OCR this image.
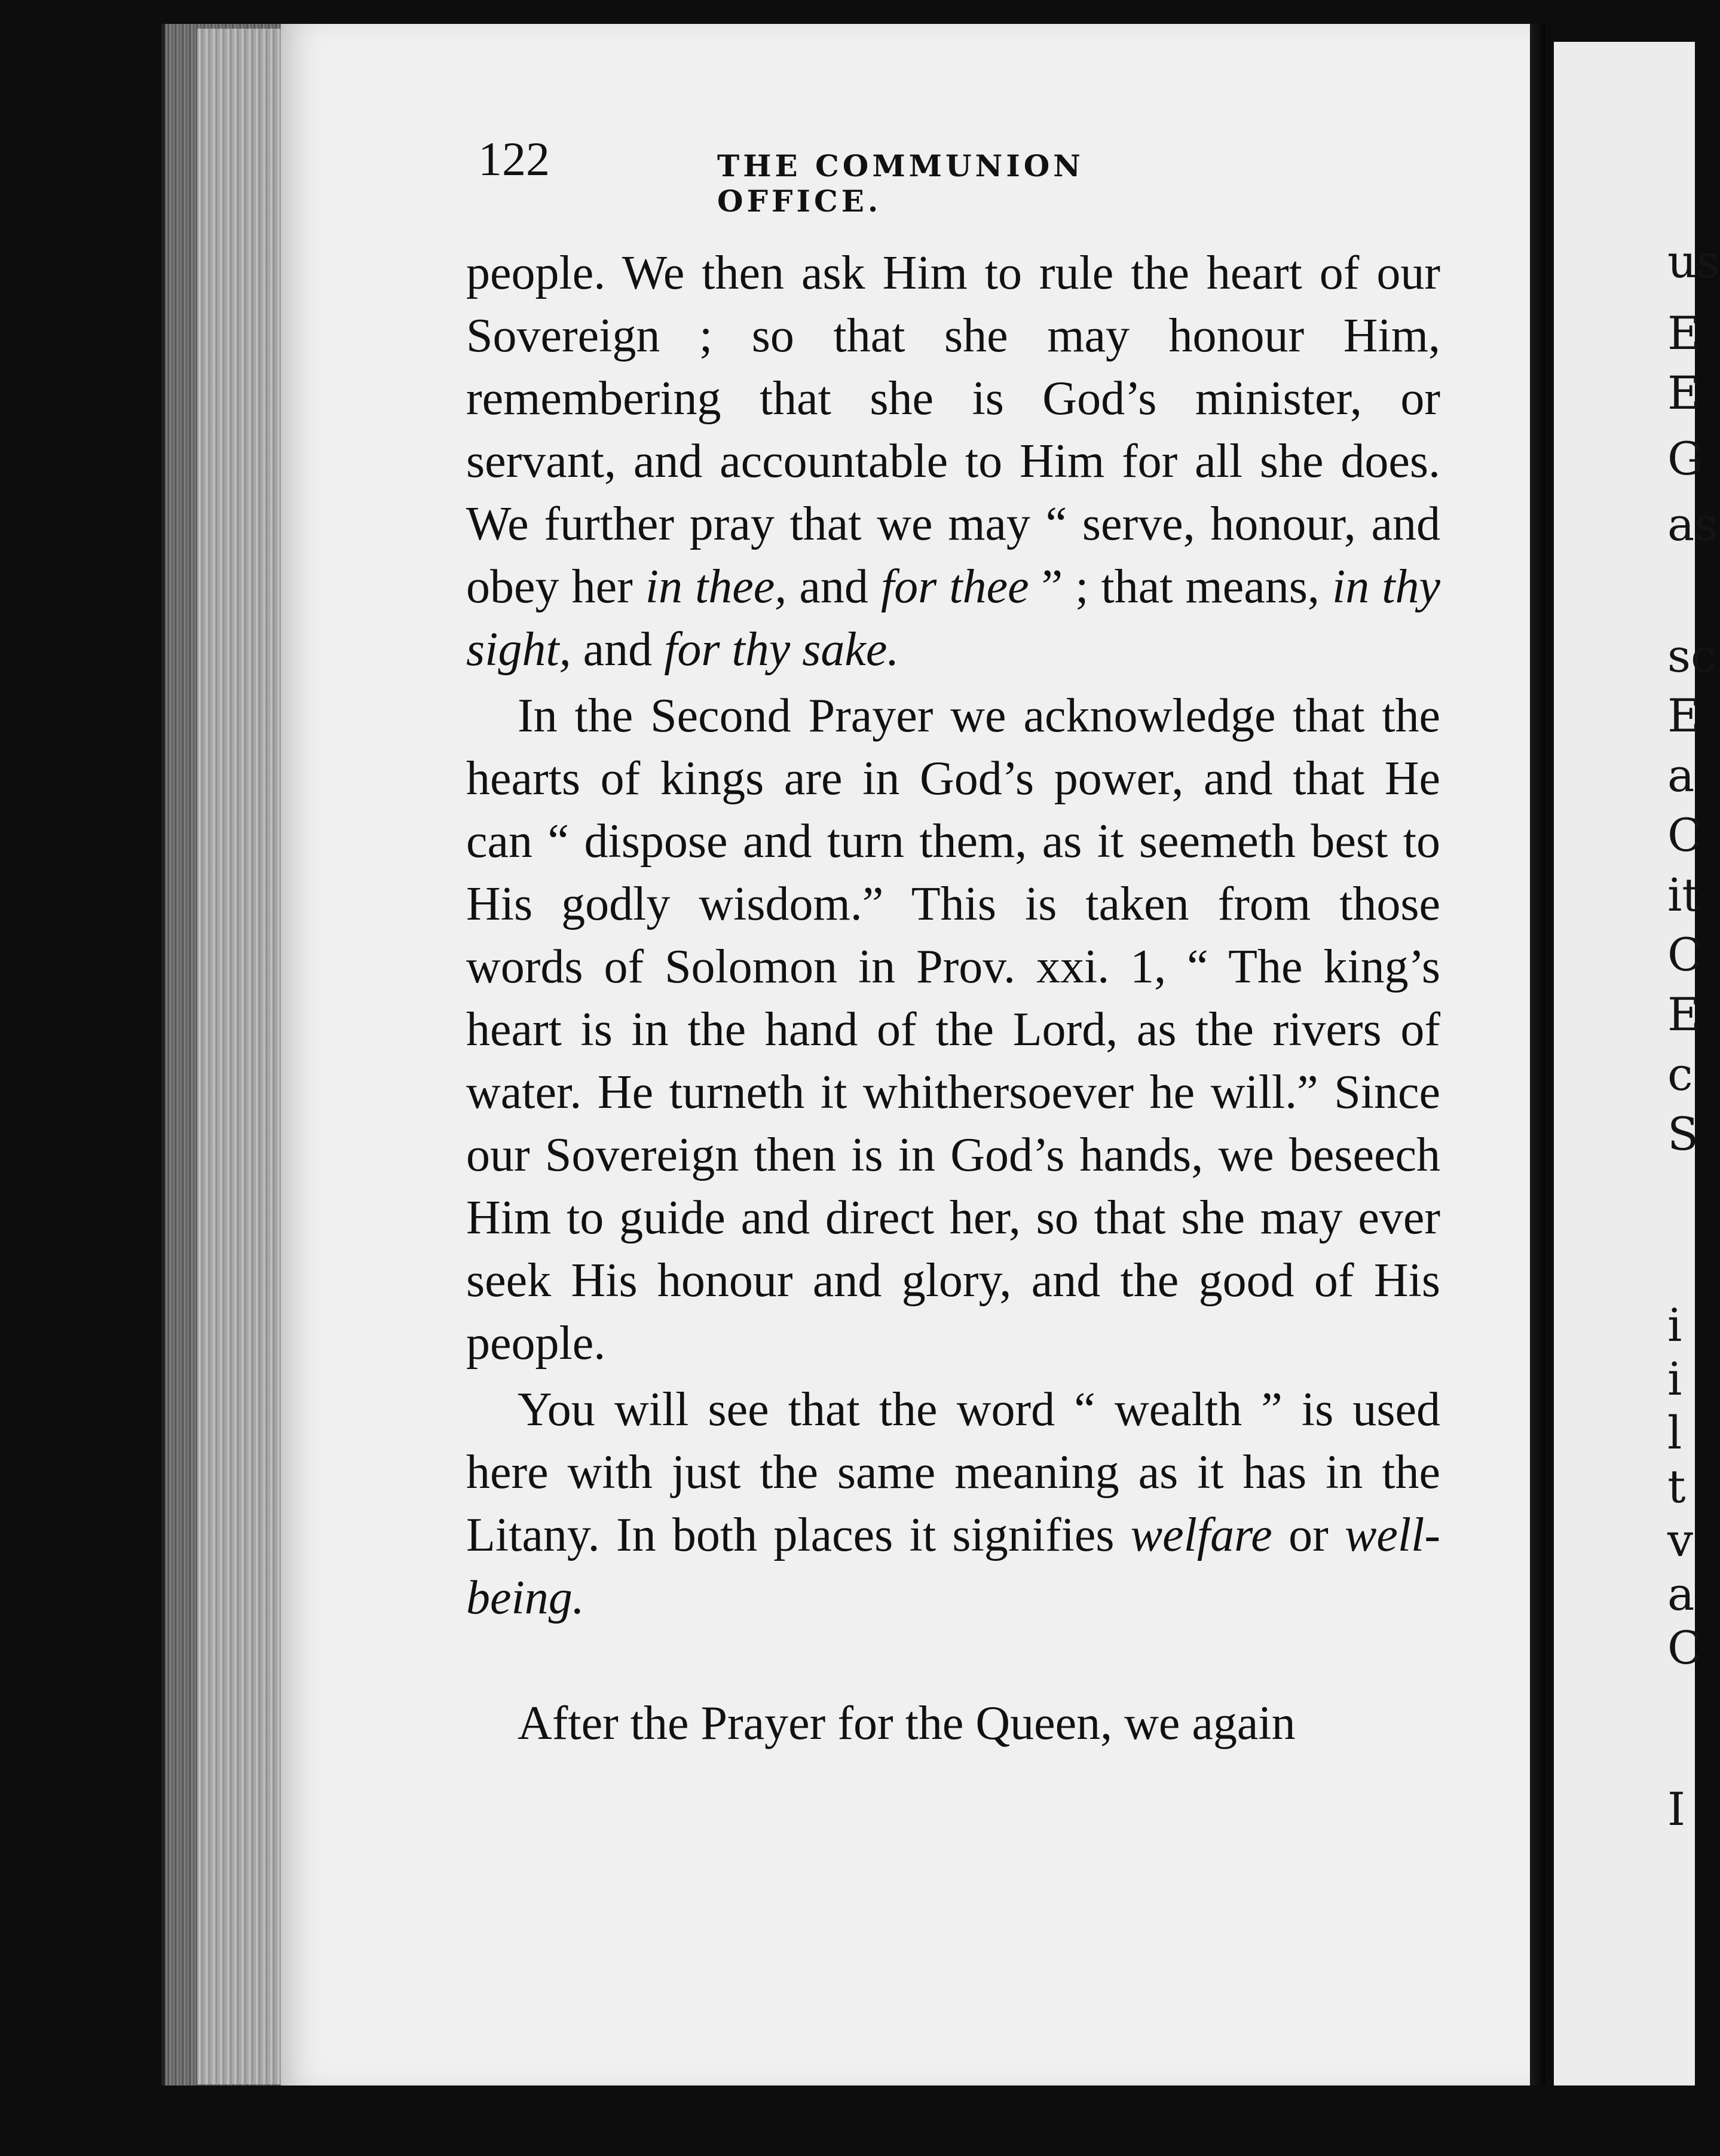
us
E
E
G
as
sc
E
a
C
it
C
E
c
S
i
i
l
t
v
a
C
I
122	THE COMMUNION OFFICE.

people. We then ask Him to rule the heart of our Sovereign ; so that she may honour Him, remembering that she is God’s minister, or servant, and accountable to Him for all she does. We further pray that we may “ serve, honour, and obey her in thee, and for thee ” ; that means, in thy sight, and for thy sake.

In the Second Prayer we acknowledge that the hearts of kings are in God’s power, and that He can “ dispose and turn them, as it seemeth best to His godly wisdom.” This is taken from those words of Solomon in Prov. xxi. 1, “ The king’s heart is in the hand of the Lord, as the rivers of water. He turneth it whithersoever he will.” Since our Sovereign then is in God’s hands, we beseech Him to guide and direct her, so that she may ever seek His honour and glory, and the good of His people.

You will see that the word “ wealth ” is used here with just the same meaning as it has in the Litany. In both places it signifies welfare or well-being.

After the Prayer for the Queen, we again
